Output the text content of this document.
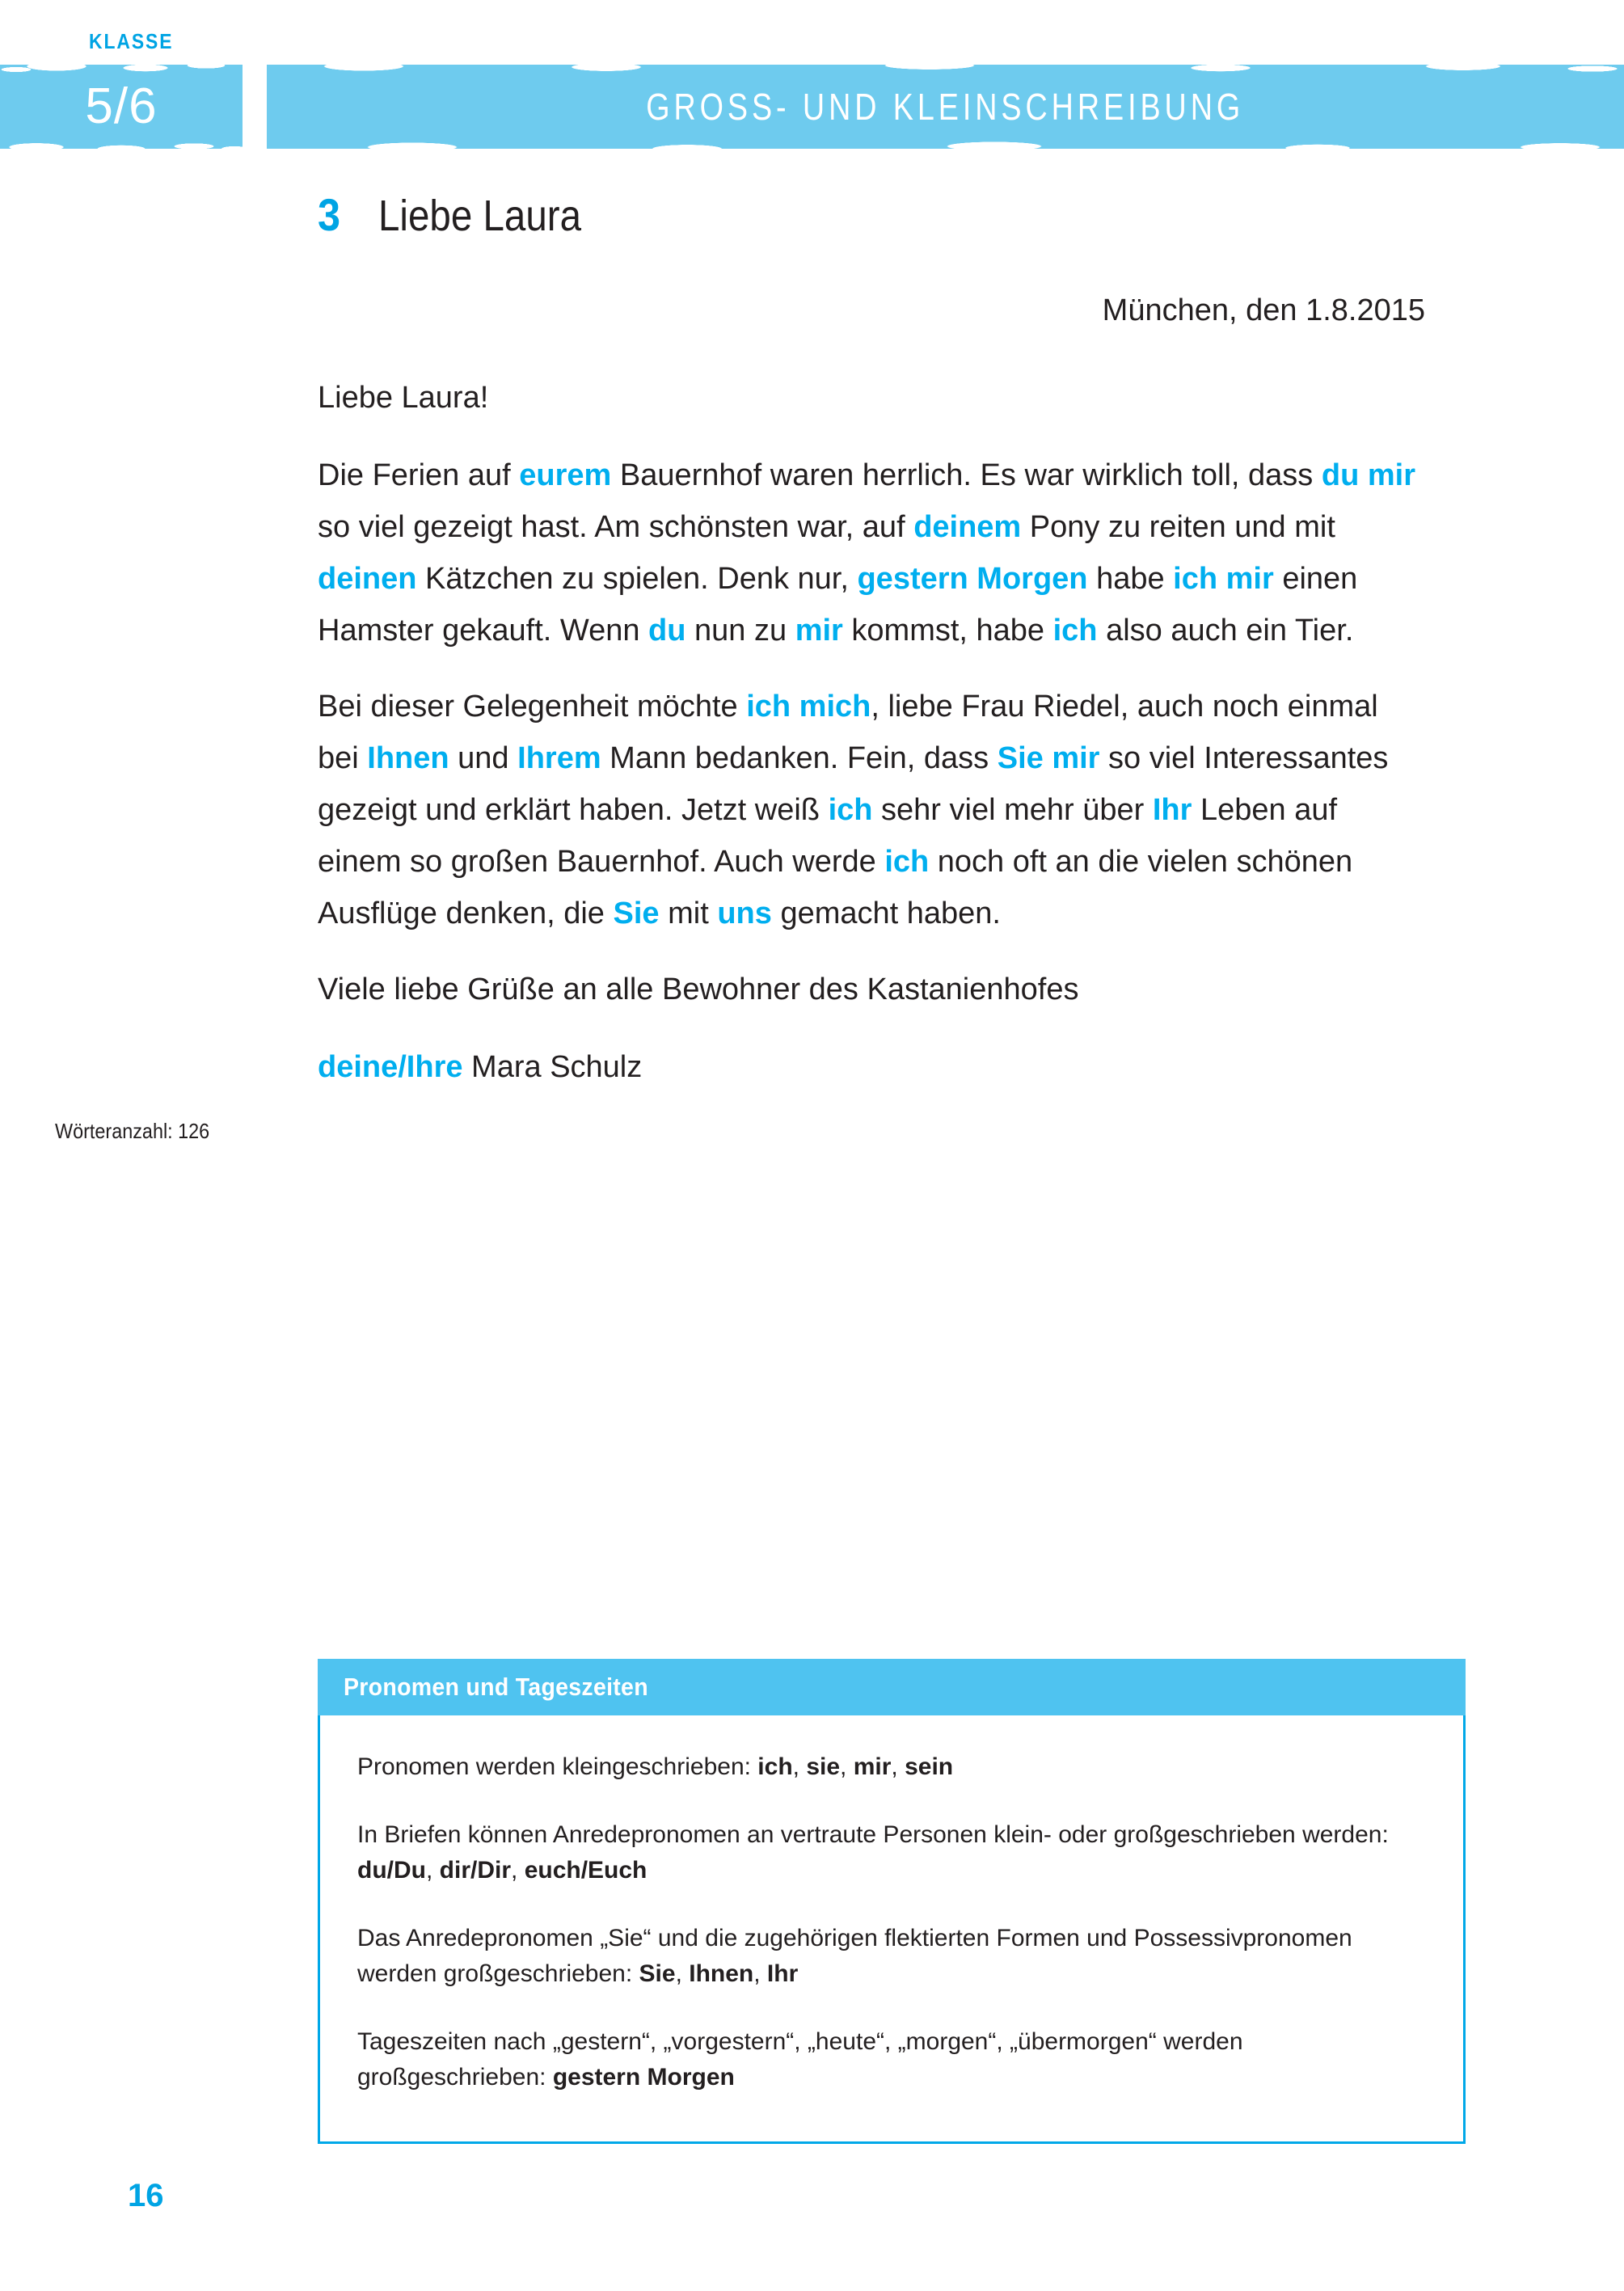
KLASSE
5/6	GROSS- UND KLEINSCHREIBUNG
3 Liebe Laura

München, den 1.8.2015

Liebe Laura!

Die Ferien auf eurem Bauernhof waren herrlich. Es war wirklich toll, dass du mir so viel gezeigt hast. Am schönsten war, auf deinem Pony zu reiten und mit deinen Kätzchen zu spielen. Denk nur, gestern Morgen habe ich mir einen Hamster gekauft. Wenn du nun zu mir kommst, habe ich also auch ein Tier.

Bei dieser Gelegenheit möchte ich mich, liebe Frau Riedel, auch noch einmal bei Ihnen und Ihrem Mann bedanken. Fein, dass Sie mir so viel Interessantes gezeigt und erklärt haben. Jetzt weiß ich sehr viel mehr über Ihr Leben auf einem so großen Bauernhof. Auch werde ich noch oft an die vielen schönen Ausflüge denken, die Sie mit uns gemacht haben.

Viele liebe Grüße an alle Bewohner des Kastanienhofes

deine/Ihre Mara Schulz

Wörteranzahl: 126
Pronomen und Tageszeiten

Pronomen werden kleingeschrieben: ich, sie, mir, sein

In Briefen können Anredepronomen an vertraute Personen klein- oder großgeschrieben werden: du/Du, dir/Dir, euch/Euch

Das Anredepronomen „Sie“ und die zugehörigen flektierten Formen und Possessivpronomen werden großgeschrieben: Sie, Ihnen, Ihr

Tageszeiten nach „gestern“, „vorgestern“, „heute“, „morgen“, „übermorgen“ werden großgeschrieben: gestern Morgen

16
